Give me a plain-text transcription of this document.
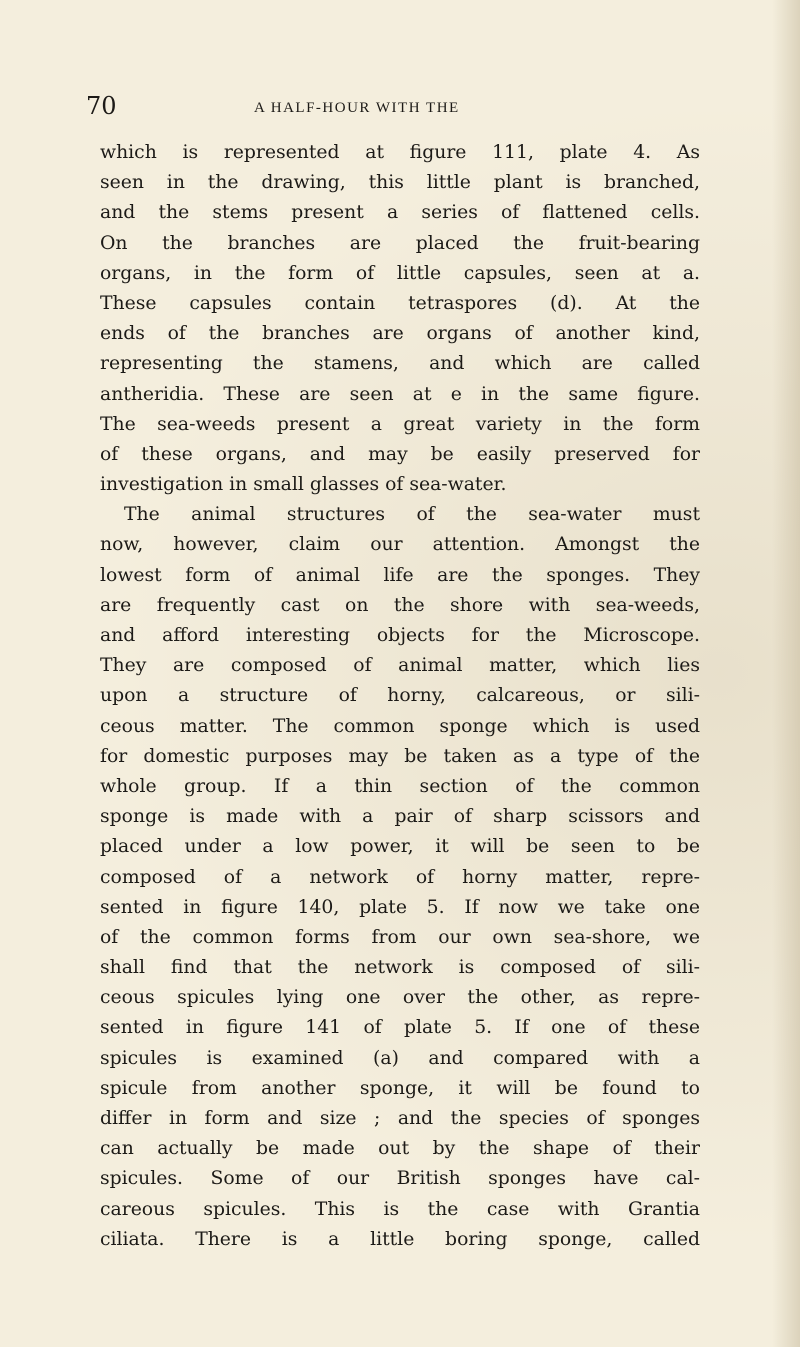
70	A HALF-HOUR WITH THE
which is represented at figure 111, plate 4. As
seen in the drawing, this little plant is branched,
and the stems present a series of flattened cells.
On the branches are placed the fruit-bearing
organs, in the form of little capsules, seen at a.
These capsules contain tetraspores (d). At the
ends of the branches are organs of another kind,
representing the stamens, and which are called
antheridia. These are seen at e in the same figure.
The sea-weeds present a great variety in the form
of these organs, and may be easily preserved for
investigation in small glasses of sea-water.
The animal structures of the sea-water must
now, however, claim our attention. Amongst the
lowest form of animal life are the sponges. They
are frequently cast on the shore with sea-weeds,
and afford interesting objects for the Microscope.
They are composed of animal matter, which lies
upon a structure of horny, calcareous, or sili-
ceous matter. The common sponge which is used
for domestic purposes may be taken as a type of the
whole group. If a thin section of the common
sponge is made with a pair of sharp scissors and
placed under a low power, it will be seen to be
composed of a network of horny matter, repre-
sented in figure 140, plate 5. If now we take one
of the common forms from our own sea-shore, we
shall find that the network is composed of sili-
ceous spicules lying one over the other, as repre-
sented in figure 141 of plate 5. If one of these
spicules is examined (a) and compared with a
spicule from another sponge, it will be found to
differ in form and size ; and the species of sponges
can actually be made out by the shape of their
spicules. Some of our British sponges have cal-
careous spicules. This is the case with Grantia
ciliata. There is a little boring sponge, called
